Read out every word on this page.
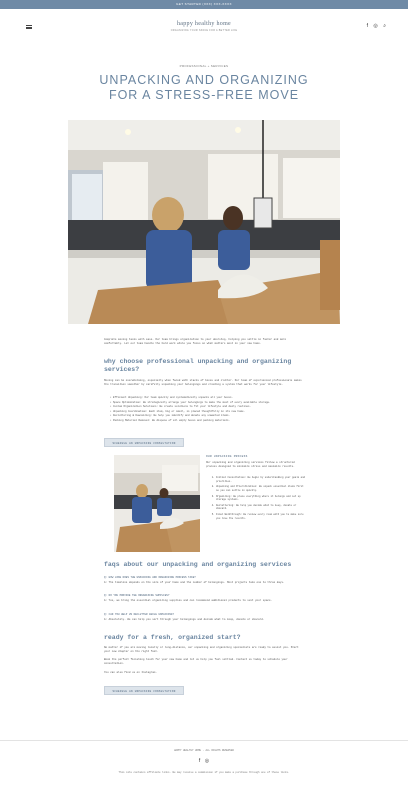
GET STARTED (XXX) XXX-XXXX
happy healthy home
ORGANIZING YOUR SPACE FOR A BETTER LIFE
f ◎ ⌕
PROFESSIONAL + SERVICES
UNPACKING AND ORGANIZING
FOR A STRESS-FREE MOVE

Complete moving tasks with ease. Our team brings organization to your doorstep, helping you settle in faster and more comfortably. Let our team handle the hard work while you focus on what matters most in your new home.

why choose professional unpacking and organizing services?

Moving can be overwhelming, especially when faced with stacks of boxes and clutter. Our team of experienced professionals makes the transition smoother by carefully unpacking your belongings and creating a system that works for your lifestyle.

• Efficient Unpacking: Our team quickly and systematically unpacks all your boxes.
• Space Optimization: We strategically arrange your belongings to make the most of every available storage.
• Custom Organization Solutions: We create solutions to fit your lifestyle and daily routines.
• Unpacking Coordination: Each item, big or small, is placed thoughtfully in its new home.
• Decluttering & Downsizing: We help you identify and donate any unwanted items.
• Packing Material Removal: We dispose of all empty boxes and packing materials.
SCHEDULE AN UNPACKING CONSULTATION
OUR UNPACKING PROCESS

Our unpacking and organizing services follow a structured process designed to minimize stress and maximize results.

1. Initial Consultation: We begin by understanding your goals and priorities.
2. Unpacking and Prioritization: We unpack essential items first so you can settle in quickly.
3. Organizing: We place everything where it belongs and set up storage systems.
4. Decluttering: We help you decide what to keep, donate or discard.
5. Final Walkthrough: We review every room with you to make sure you love the results.
faqs about our unpacking and organizing services
Q: HOW LONG DOES THE UNPACKING AND ORGANIZING PROCESS TAKE?

A: The timeline depends on the size of your home and the number of belongings. Most projects take one to three days.

Q: DO YOU PROVIDE THE ORGANIZING SUPPLIES?

A: Yes, we bring the essential organizing supplies and can recommend additional products to suit your space.

Q: CAN YOU HELP US DECLUTTER WHILE UNPACKING?

A: Absolutely. We can help you sort through your belongings and decide what to keep, donate or discard.

ready for a fresh, organized start?

No matter if you are moving locally or long-distance, our unpacking and organizing specialists are ready to assist you. Start your new chapter on the right foot.

Book the perfect finishing touch for your new home and let us help you feel settled. Contact us today to schedule your consultation.

You can also find us on Instagram.

SCHEDULE AN UNPACKING CONSULTATION
HAPPY HEALTHY HOME · ALL RIGHTS RESERVED
f ◎
This site contains affiliate links. We may receive a commission if you make a purchase through one of these links.
